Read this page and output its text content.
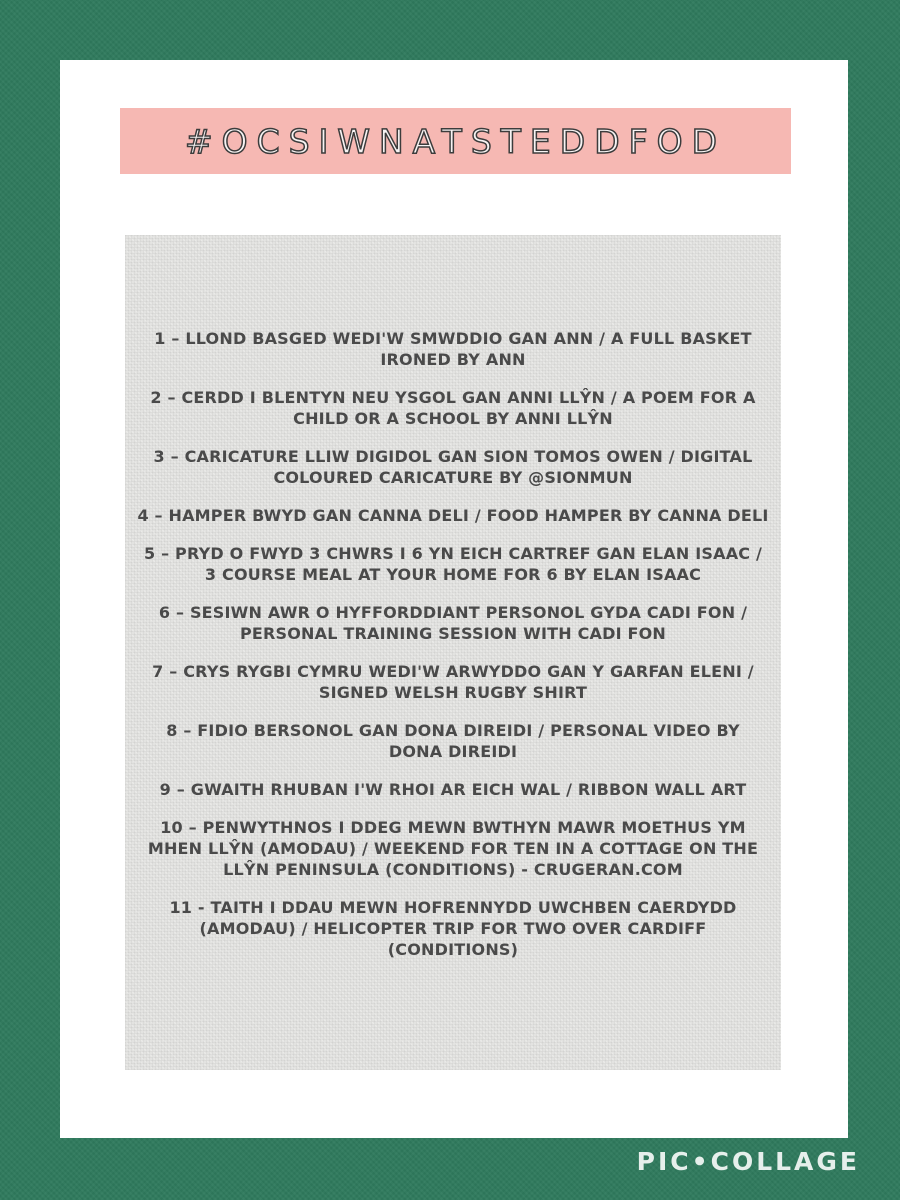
#OCSIWNATSTEDDFOD
1 – LLOND BASGED WEDI'W SMWDDIO GAN ANN / A FULL BASKET IRONED BY ANN
2 – CERDD I BLENTYN NEU YSGOL GAN ANNI LLŶN / A POEM FOR A CHILD OR A SCHOOL BY ANNI LLŶN
3 – CARICATURE LLIW DIGIDOL GAN SION TOMOS OWEN / DIGITAL COLOURED CARICATURE BY @SIONMUN
4 – HAMPER BWYD GAN CANNA DELI / FOOD HAMPER BY CANNA DELI
5 – PRYD O FWYD 3 CHWRS I 6 YN EICH CARTREF GAN ELAN ISAAC / 3 COURSE MEAL AT YOUR HOME FOR 6 BY ELAN ISAAC
6 – SESIWN AWR O HYFFORDDIANT PERSONOL GYDA CADI FON / PERSONAL TRAINING SESSION WITH CADI FON
7 – CRYS RYGBI CYMRU WEDI'W ARWYDDO GAN Y GARFAN ELENI / SIGNED WELSH RUGBY SHIRT
8 – FIDIO BERSONOL GAN DONA DIREIDI / PERSONAL VIDEO BY DONA DIREIDI
9 – GWAITH RHUBAN I'W RHOI AR EICH WAL / RIBBON WALL ART
10 – PENWYTHNOS I DDEG MEWN BWTHYN MAWR MOETHUS YM MHEN LLŶN (AMODAU) / WEEKEND FOR TEN IN A COTTAGE ON THE LLŶN PENINSULA (CONDITIONS) - CRUGERAN.COM
11 - TAITH I DDAU MEWN HOFRENNYDD UWCHBEN CAERDYDD (AMODAU) / HELICOPTER TRIP FOR TWO OVER CARDIFF (CONDITIONS)
PIC•COLLAGE
